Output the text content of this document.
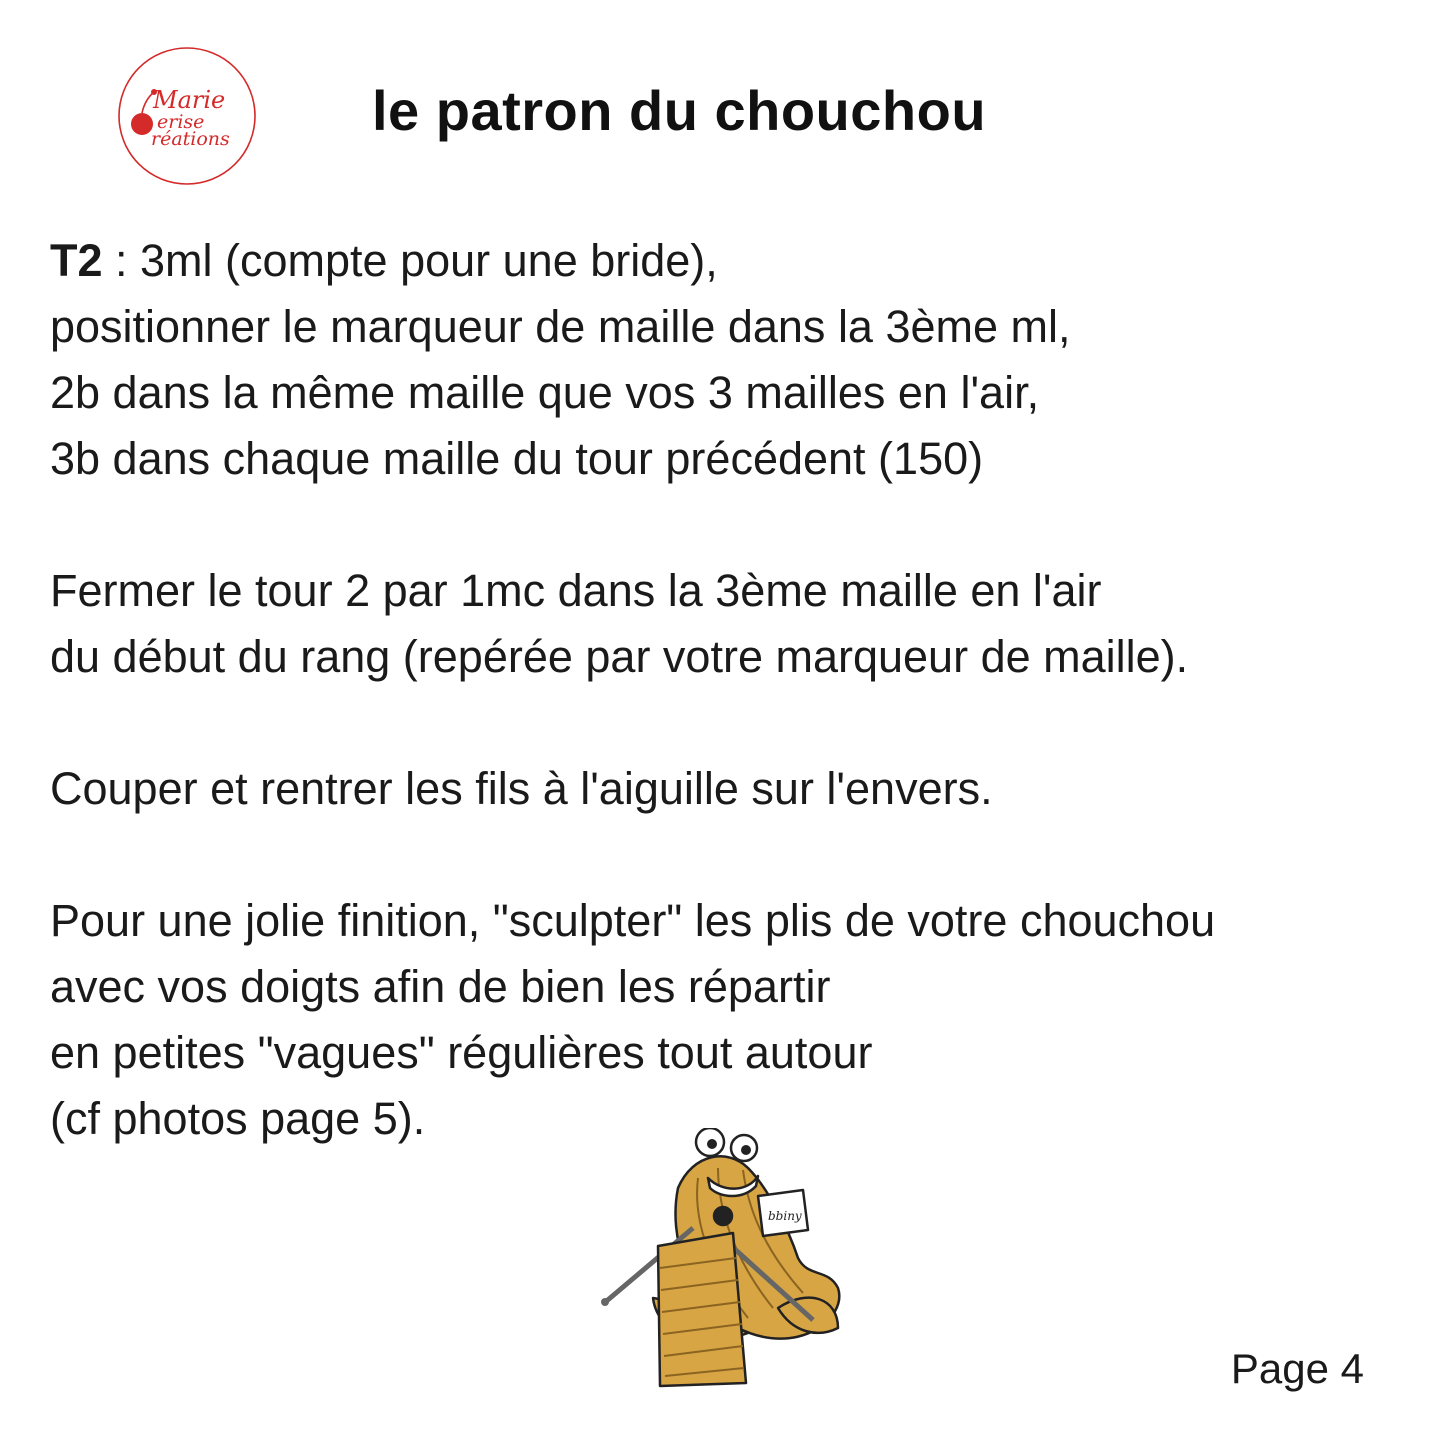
Marie
erise
réations	le patron du chouchou
T2 : 3ml (compte pour une bride),
positionner le marqueur de maille dans la 3ème ml,
2b dans la même maille que vos 3 mailles en l'air,
3b dans chaque maille du tour précédent (150)
Fermer le tour 2 par 1mc dans la 3ème maille en l'air
du début du rang (repérée par votre marqueur de maille).
Couper et rentrer les fils à l'aiguille sur l'envers.
Pour une jolie finition, "sculpter" les plis de votre chouchou
avec vos doigts afin de bien les répartir
en petites "vagues" régulières tout autour
(cf photos page 5).
bbiny
Page 4
